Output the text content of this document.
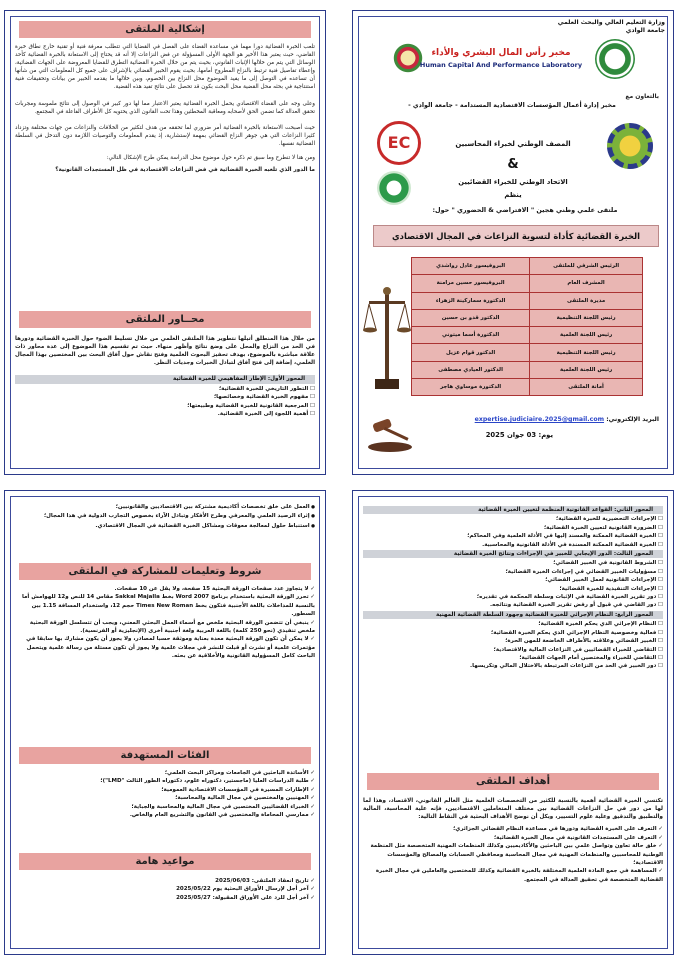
وزارة التعليم العالي والبحث العلمي
جامعة الوادي
مخبر رأس المال البشري والأداء
Human Capital And Performance Laboratory
بالتعاون مع
مخبر إدارة أعمال المؤسسات الاقتصادية المستدامة - جامعة الوادي -
EC	المصف الوطني لخبراء المحاسبين
&
الاتحاد الوطني للخبراء القضائيين
ينظم
ملتقى علمي وطني هجين " الافتراضي & الحضوري " حول:
الخبرة القضائية كأداة لتسوية النزاعات في المجال الاقتصادي
الرئيس الشرفي للملتقى	البروفيسور عادل رواشدي
المشرف العام	البروفيسور حسين مرامنة
مديرة الملتقى	الدكتورة سماركينة الزهراء
رئيس اللجنة التنظيمية	الدكتور قدو بن حسين
رئيس اللجنة العلمية	الدكتورة أسما ميتوني
رئيس اللجنة التنظيمية	الدكتور قوام عزيل
رئيس اللجنة العلمية	الدكتور العيادي مصطفى
أمانة الملتقى	الدكتورة موساوي هاجر
البريد الإلكتروني: expertise.judiciaire.2025@gmail.com
يوم: 03 جوان 2025
إشكالية الملتقى

تلعب الخبرة القضائية دورا مهما في مساعدة القضاء على الفصل في القضايا التي تتطلب معرفة فنية أو تقنية خارج نطاق خبرة القاضي، حيث يعتبر هذا الأخير هو الجهة الأولى المسؤولة عن فض النزاعات إلا أنه قد يحتاج إلى الاستعانة بالخبرة القضائية كأحد الوسائل التي يتم من خلالها الإثبات القانوني، بحيث يتم من خلال الخبرة القضائية التطرق للقضايا المعروضة على الجهات القضائية، وإعطاء تفاصيل فنية ترتبط بالنزاع المطروح أمامها، بحيث يقوم الخبير القضائي بالإشراف على جميع كل المعلومات التي من شأنها أن تساعده في التوصل إلى ما يفيد الموضوع محل النزاع بين الخصوم، وبين خلالها ما يقدمه الخبير من بيانات وتحقيقات فنية استنتاجية في بحثه محل القضية محل البحث بكون قد تحصل على نتائج تفيد هذه القضية.

وعلى وجه على القضاء الاقتصادي يحمل الخبرة القضائية يعتبر الاعتبار مما لها دور كبير في الوصول إلى نتائج ملموسة ومجربات تحقق العدالة كما تضمن الحق لأصحابه ومعاقبة المخطئين وهذا تحت القانون الذي يحتويه كل الأطراف الفاعلة في المجتمع.

حيث أصبحت الاستعانة بالخبرة القضائية أمر ضروري لما تحققه من هدف لتكثير من الخلافات والنزاعات من جهات مختلفة وتزداد كثيرا النزاعات التي هي جوهر النزاع القضائي بمهمة لإستشارية، إذ يقدم المعلومات والتوصيات اللازمة دون التدخل في السلطة القضائية نفسها.

ومن هنا لا تنطرح وما سبق تم ذكره حول موضوع محل الدراسة يمكن طرح الإشكال التالي:

ما الدور الذي تلعبه الخبرة القضائية في فض النزاعات الاقتصادية في ظل المستجدات القانونية؟

محــاور الملتقى

من خلال هذا المنطلق أتيلها نتطوير هذا الملتقى العلمي من خلال تسليط الضوء حول الخبرة القضائية ودورها في الحد من النزاع والمحل على وضع نتائج وأظهر منهاء. حيث تم تقسيم هذا الموضوع إلى عدة محاور ذات علاقة مباشرة بالموضوع، بهدف تحفيز البحوث العلمية وفتح نقاش حول آفاق البحث بين المختصين بهذا المجال العلمي، إضافة إلى فتح آفاق لتبادل الخبرات وجديات النظر.

المحور الأول: الإطار المفاهيمي للخبرة القضائية
☐ التطور التاريخي للخبرة القضائية؛
☐ مفهوم الخبرة القضائية وخصائصها؛
☐ المرجعية القانونية للخبرة القضائية وطبيعتها؛
☐ أهمية اللجوء إلى الخبرة القضائية.
المحور الثاني: القواعد القانونية المنظمة لتعيين الخبرة القضائية
☐ الإجراءات التحضيرية للخبرة القضائية؛
☐ الضرورة القانونية لتعيين الخبرة القضائية؛
☐ الخبرة القضائية الممكنة والمسند إليها في الأدلة العلمية وفي المحاكم؛
☐ الخبرة القضائية الممكنة المسندة في الأدلة القانونية والمحاسبية.
المحور الثالث: الدور الإيجابي للخبير في الإجراءات ونتائج الخبرة القضائية
☐ الشروط القانونية في الخبير القضائي؛
☐ مسؤوليات الخبير القضائي في إجراءات الخبرة القضائية؛
☐ الإجراءات القانونية لعمل الخبير القضائي؛
☐ الإجراءات التنفيذية للخبرة القضائية؛
☐ دور تقرير الخبرة القضائية في الإثبات وسلطة المحكمة في تقديره؛
☐ دور القاضي في قبول أو رفض تقرير الخبرة القضائية ونتائجه.
المحور الرابع: النظام الإجرائي للخبرة القضائية وجهود السلطة القضائية المهنية
☐ النظام الإجرائي الذي يحكم الخبرة القضائية؛
☐ فعالية وخصوصية النظام الإجرائي الذي يحكم الخبرة القضائية؛
☐ الخبير القضائي وعلاقته بالأطراف الخاضعة للمهن الحرة؛
☐ التقاضي للخبراء القضائيين في النزاعات المالية والاقتصادية؛
☐ التقاضي للخبراء والمختصين أمام الجهات القضائية؛
☐ دور الخبير في الحد من النزاعات المرتبطة بالاختلال المالي وتكريسها.
أهداف الملتقى

تكتسي الخبرة القضائية أهمية بالنسبة للكثير من التخصصات العلمية مثل العالم القانوني، الاقتصاد، وهذا لما لها من دور في حل النزاعات القضائية بين مختلف المتعاملين الاقتصاديين، فإنه علية المحاسبة، المالية والتطبيق والتدقيق وعلية علوم التسيير، وبكل أن نوضح الأهداف البحثية في النقاط التالية:

✓ التعرف على الخبرة القضائية ودورها في مساعدة النظام القضائي الجزائري؛
✓ التعرف على المستجدات القانونية في مجال الخبرة القضائية؛
✓ خلق حالة تعاون وتواصل علمي بين الباحثين والأكاديميين وكذلك المنظمات المهنية المتخصصة مثل المنظمة الوطنية للمحاسبين والمنظمات المهنية في مجال المحاسبة ومحافظي الحسابات والمصالح والمؤسسات الاقتصادية؛
✓ المساهمة في جمع المادة العلمية المختلفة بالخبرة القضائية وكذلك للمختصين والعاملين في مجال الخبرة القضائية المتخصصة في تحقيق العدالة في المجتمع.
● العمل على خلق تخصصات أكاديمية مشتركة بين الاقتصاديين والقانونيين؛
● إثراء الرصيد العلمي والمعرفي وطرح الأفكار وتبادل الآراء بخصوص التجارب الدولية في هذا المجال؛
● استنباط حلول لمعالجة معوقات ومشاكل الخبرة القضائية في المجال الاقتصادي.
شروط وتعليمات للمشاركة في الملتقى
✓ لا يتجاوز عدد صفحات الورقة البحثية 15 صفحة، ولا يقل عن 10 صفحات.
✓ تحرر الورقة البحثية باستخدام برنامج Word 2007 بخط Sakkal Majalla مقاس 14 للنص و12 للهوامش أما بالنسبة للمداخلات باللغة الأجنبية فتكون بخط Times New Roman حجم 12، واستخدام المسافة 1.15 بين السطور.
✓ ينبغي أن تتضمن الورقة البحثية ملخص مع أسماء العمل البحثي المعني، ويجب أن تتسلسل الورقة البحثية ملخص تنفيذي (نحو 250 كلمة) باللغة العربية ولغة أجنبية أخرى (الإنجليزية أو الفرنسية).
✓ لا يمكن أن تكون الورقة البحثية معدة بعناية وموثقة حسبا لمصادر، ولا يجوز أن يكون مشارك بها سابقا في مؤتمرات علمية أو نشرت أو قبلت للنشر في مجلات علمية ولا يجوز أن تكون مستلة من رسالة علمية ويتحمل الباحث كامل المسؤولية القانونية والأخلاقية عن بحثه.
الفئات المستهدفة
✓ الأساتذة الباحثين في الجامعات ومراكز البحث العلمي؛
✓ طلبة الدراسات العليا (ماجستير، دكتوراه علوم، دكتوراه الطور الثالث "LMD")؛
✓ الإطارات المسيرة في المؤسسات الاقتصادية العمومية؛
✓ المهنيين والمختصين في مجال المالية والمحاسبة؛
✓ الخبراء القضائيين المختصين في مجال المالية والمحاسبة والجباية؛
✓ ممارسي المحاماة والمختصين في القانون والتشريع العام والخاص.
مواعيد هامة
✓ تاريخ انعقاد الملتقى: 2025/06/03
✓ آخر أجل لإرسال الأوراق البحثية يوم 2025/05/22
✓ آخر أجل للرد على الأوراق المقبولة: 2025/05/27
